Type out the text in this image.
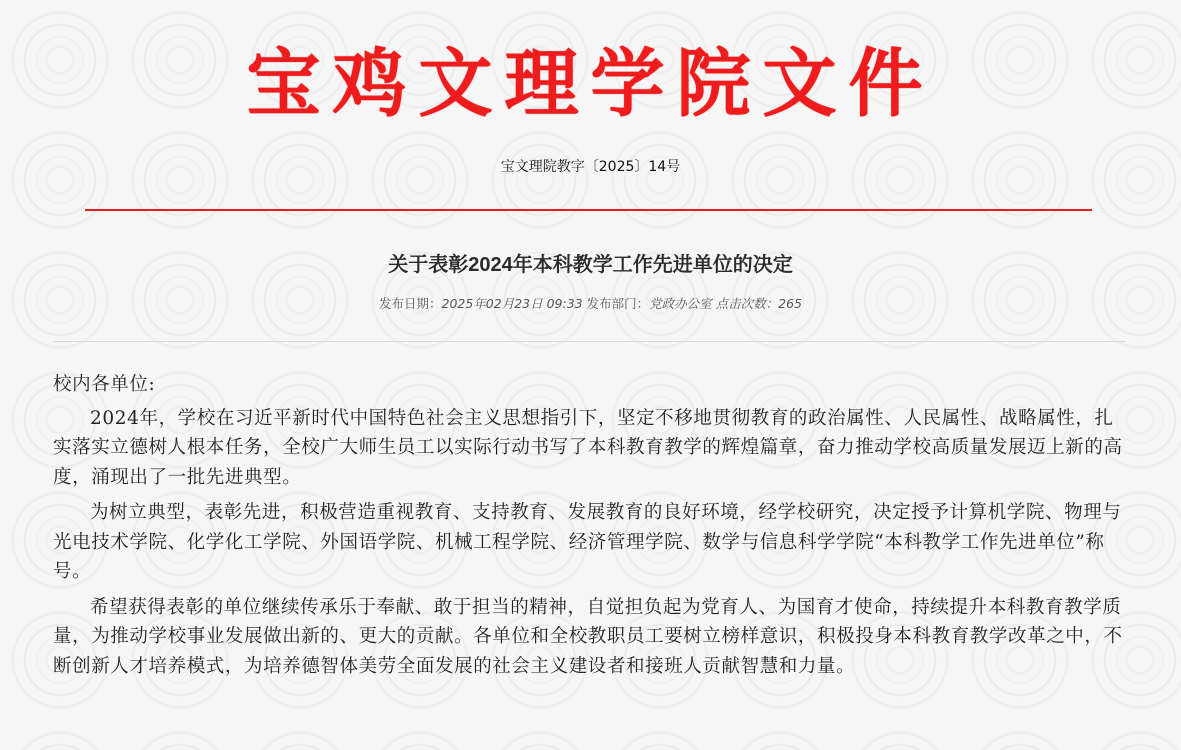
宝鸡文理学院文件
宝文理院教字〔2025〕14号
关于表彰2024年本科教学工作先进单位的决定
发布日期：2025年02月23日 09:33 发布部门：党政办公室 点击次数：265

校内各单位:

2024年，学校在习近平新时代中国特色社会主义思想指引下，坚定不移地贯彻教育的政治属性、人民属性、战略属性，扎实落实立德树人根本任务，全校广大师生员工以实际行动书写了本科教育教学的辉煌篇章，奋力推动学校高质量发展迈上新的高度，涌现出了一批先进典型。

为树立典型，表彰先进，积极营造重视教育、支持教育、发展教育的良好环境，经学校研究，决定授予计算机学院、物理与光电技术学院、化学化工学院、外国语学院、机械工程学院、经济管理学院、数学与信息科学学院“本科教学工作先进单位”称号。

希望获得表彰的单位继续传承乐于奉献、敢于担当的精神，自觉担负起为党育人、为国育才使命，持续提升本科教育教学质量，为推动学校事业发展做出新的、更大的贡献。各单位和全校教职员工要树立榜样意识，积极投身本科教育教学改革之中，不断创新人才培养模式，为培养德智体美劳全面发展的社会主义建设者和接班人贡献智慧和力量。
